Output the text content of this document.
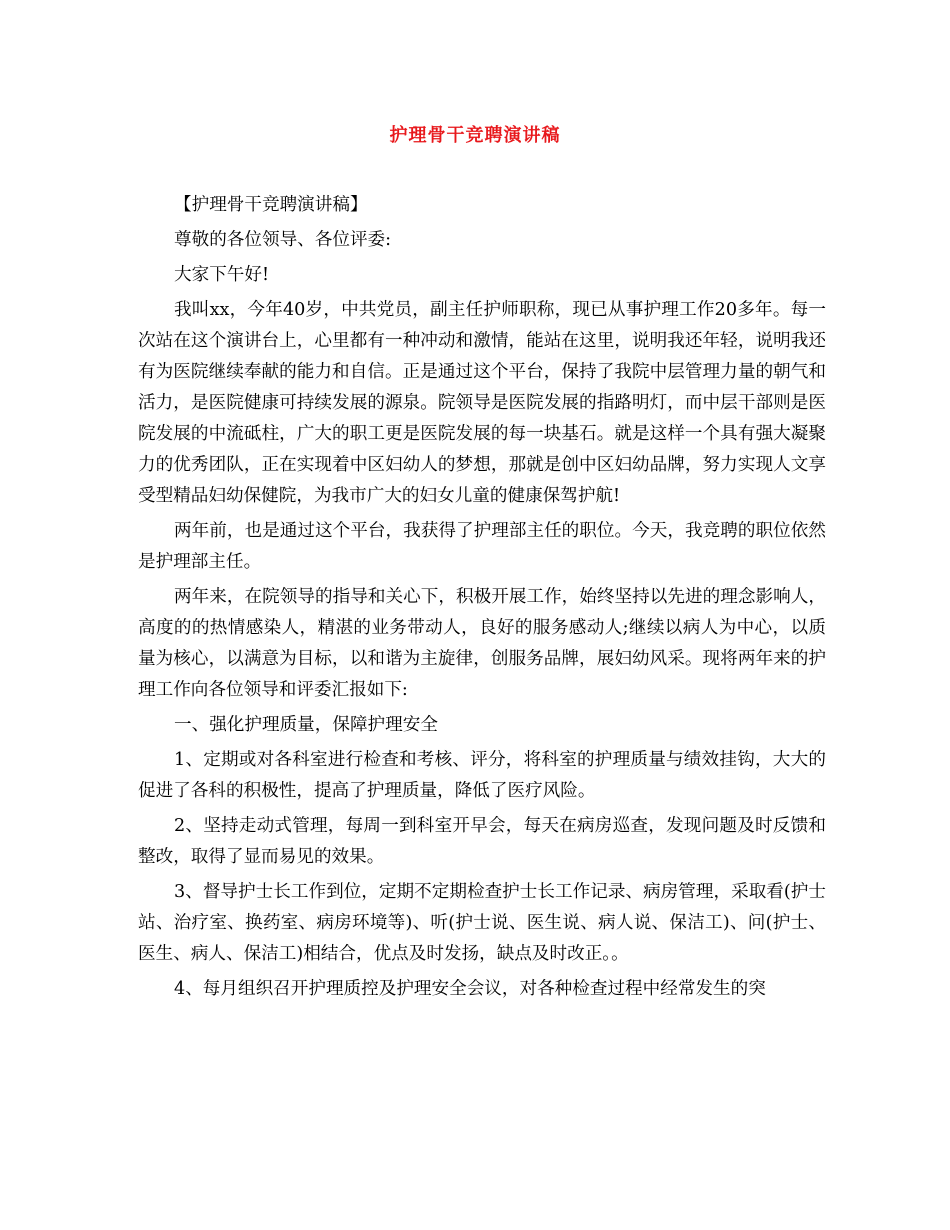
护理骨干竞聘演讲稿

【护理骨干竞聘演讲稿】

尊敬的各位领导、各位评委:

大家下午好!

我叫xx，今年40岁，中共党员，副主任护师职称，现已从事护理工作20多年。每一次站在这个演讲台上，心里都有一种冲动和激情，能站在这里，说明我还年轻，说明我还有为医院继续奉献的能力和自信。正是通过这个平台，保持了我院中层管理力量的朝气和活力，是医院健康可持续发展的源泉。院领导是医院发展的指路明灯，而中层干部则是医院发展的中流砥柱，广大的职工更是医院发展的每一块基石。就是这样一个具有强大凝聚力的优秀团队，正在实现着中区妇幼人的梦想，那就是创中区妇幼品牌，努力实现人文享受型精品妇幼保健院，为我市广大的妇女儿童的健康保驾护航!

两年前，也是通过这个平台，我获得了护理部主任的职位。今天，我竞聘的职位依然是护理部主任。

两年来，在院领导的指导和关心下，积极开展工作，始终坚持以先进的理念影响人，高度的的热情感染人，精湛的业务带动人，良好的服务感动人;继续以病人为中心，以质量为核心，以满意为目标，以和谐为主旋律，创服务品牌，展妇幼风采。现将两年来的护理工作向各位领导和评委汇报如下:

一、强化护理质量，保障护理安全

1、定期或对各科室进行检查和考核、评分，将科室的护理质量与绩效挂钩，大大的促进了各科的积极性，提高了护理质量，降低了医疗风险。

2、坚持走动式管理，每周一到科室开早会，每天在病房巡查，发现问题及时反馈和整改，取得了显而易见的效果。

3、督导护士长工作到位，定期不定期检查护士长工作记录、病房管理，采取看(护士站、治疗室、换药室、病房环境等)、听(护士说、医生说、病人说、保洁工)、问(护士、医生、病人、保洁工)相结合，优点及时发扬，缺点及时改正。。

4、每月组织召开护理质控及护理安全会议，对各种检查过程中经常发生的突
